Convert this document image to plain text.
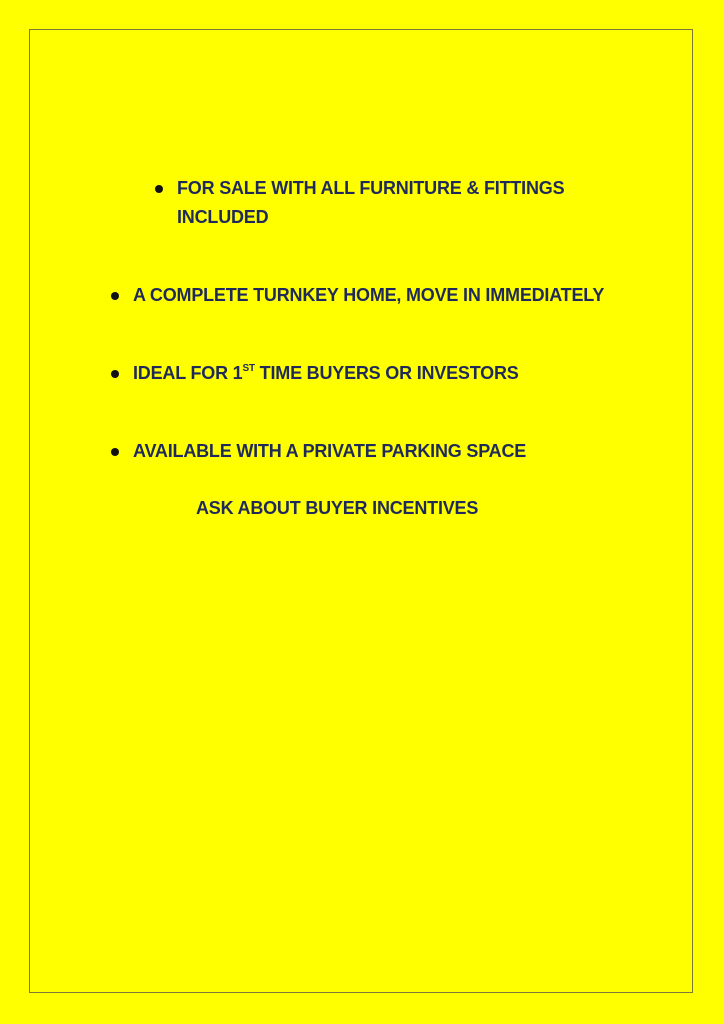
FOR SALE WITH ALL FURNITURE & FITTINGS INCLUDED
A COMPLETE TURNKEY HOME, MOVE IN IMMEDIATELY
IDEAL FOR 1ST TIME BUYERS OR INVESTORS
AVAILABLE WITH A PRIVATE PARKING SPACE
ASK ABOUT BUYER INCENTIVES
